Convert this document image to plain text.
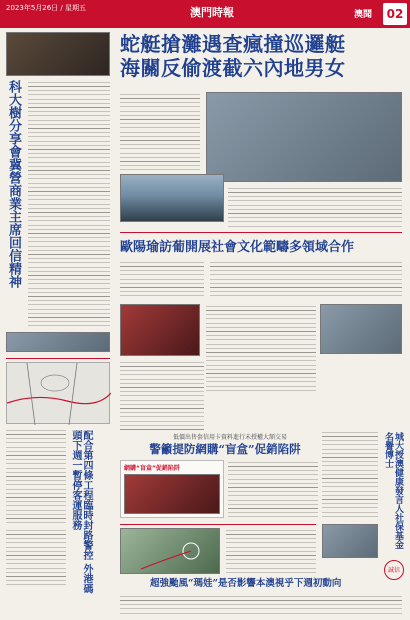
2023年5月26日 / 星期五	澳門時報	澳聞	02
科大樹分享會冀營商業主席回信精神
蛇艇搶灘遇查瘋撞巡邏艇
海關反偷渡截六內地男女
歐陽瑜訪葡開展社會文化範疇多領域合作
低價出售套信用卡資料進行未授權大額交易
警籲提防網購“盲盒”促銷陷阱
網購“盲盒”促銷陷阱	城大授澳健康發言人社保基金名譽博士
配合第四條工程臨時封路警控 外港碼頭下週一暫停客運服務
超強颱風“瑪娃”是否影響本澳視乎下週初動向
誠信
